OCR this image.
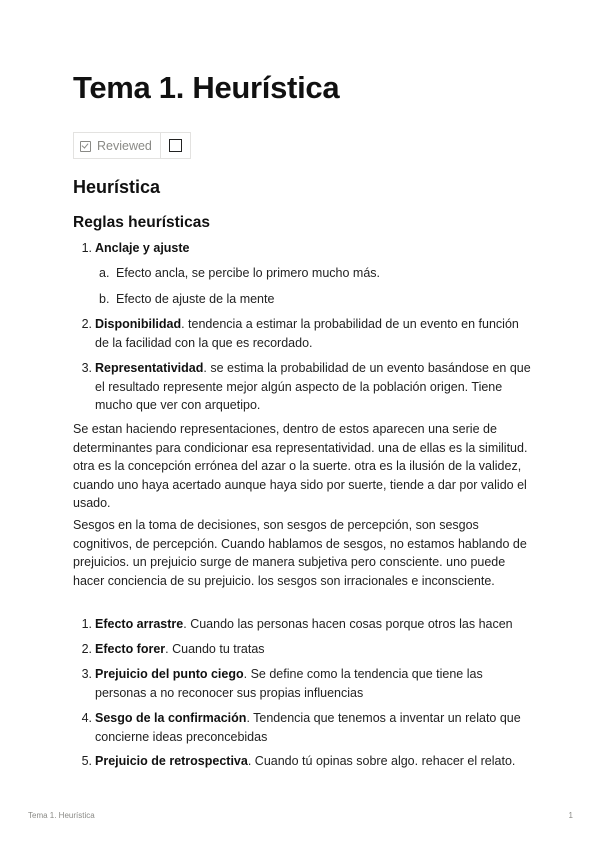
Tema 1. Heurística
Reviewed
Heurística
Reglas heurísticas
1. Anclaje y ajuste
a. Efecto ancla, se percibe lo primero mucho más.
b. Efecto de ajuste de la mente
2. Disponibilidad. tendencia a estimar la probabilidad de un evento en función de la facilidad con la que es recordado.
3. Representatividad. se estima la probabilidad de un evento basándose en que el resultado represente mejor algún aspecto de la población origen. Tiene mucho que ver con arquetipo.

Se estan haciendo representaciones, dentro de estos aparecen una serie de determinantes para condicionar esa representatividad. una de ellas es la similitud. otra es la concepción errónea del azar o la suerte. otra es la ilusión de la validez, cuando uno haya acertado aunque haya sido por suerte, tiende a dar por valido el usado.

Sesgos en la toma de decisiones, son sesgos de percepción, son sesgos cognitivos, de percepción. Cuando hablamos de sesgos, no estamos hablando de prejuicios. un prejuicio surge de manera subjetiva pero consciente. uno puede hacer conciencia de su prejuicio. los sesgos son irracionales e inconsciente.

1. Efecto arrastre. Cuando las personas hacen cosas porque otros las hacen
2. Efecto forer. Cuando tu tratas
3. Prejuicio del punto ciego. Se define como la tendencia que tiene las personas a no reconocer sus propias influencias
4. Sesgo de la confirmación. Tendencia que tenemos a inventar un relato que concierne ideas preconcebidas
5. Prejuicio de retrospectiva. Cuando tú opinas sobre algo. rehacer el relato.
Tema 1. Heurística	1
